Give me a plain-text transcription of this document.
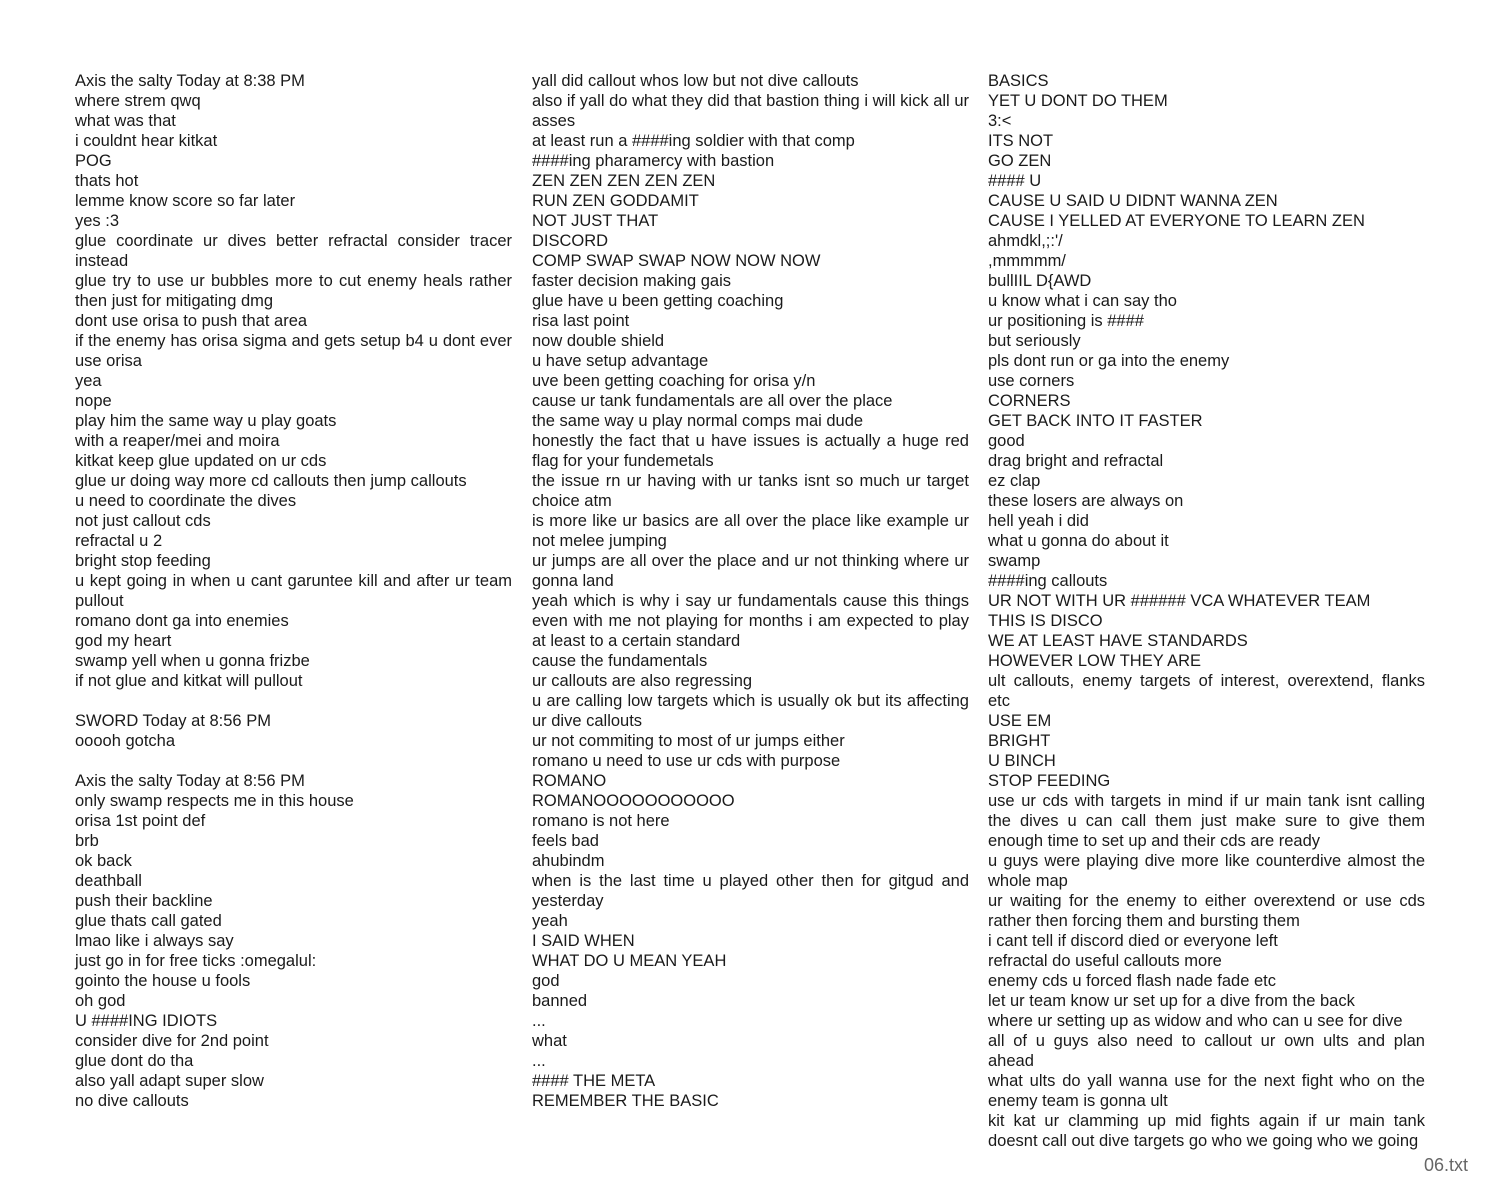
Axis the salty Today at 8:38 PM

where strem qwq

what was that

i couldnt hear kitkat

POG

thats hot

lemme know score so far later

yes :3

glue coordinate ur dives better refractal consider tracer instead

glue try to use ur bubbles more to cut enemy heals rather then just for mitigating dmg

dont use orisa to push that area

if the enemy has orisa sigma and gets setup b4 u dont ever use orisa

yea

nope

play him the same way u play goats

with a reaper/mei and moira

kitkat keep glue updated on ur cds

glue ur doing way more cd callouts then jump callouts

u need to coordinate the dives

not just callout cds

refractal u 2

bright stop feeding

u kept going in when u cant garuntee kill and after ur team pullout

romano dont ga into enemies

god my heart

swamp yell when u gonna frizbe

if not glue and kitkat will pullout

SWORD Today at 8:56 PM

ooooh gotcha

Axis the salty Today at 8:56 PM

only swamp respects me in this house

orisa 1st point def

brb

ok back

deathball

push their backline

glue thats call gated

lmao like i always say

just go in for free ticks :omegalul:

gointo the house u fools

oh god

U ####ING IDIOTS

consider dive for 2nd point

glue dont do tha

also yall adapt super slow

no dive callouts

yall did callout whos low but not dive callouts

also if yall do what they did that bastion thing i will kick all ur asses

at least run a ####ing soldier with that comp

####ing pharamercy with bastion

ZEN ZEN ZEN ZEN ZEN

RUN ZEN GODDAMIT

NOT JUST THAT

DISCORD

COMP SWAP SWAP NOW NOW NOW

faster decision making gais

glue have u been getting coaching

risa last point

now double shield

u have setup advantage

uve been getting coaching for orisa y/n

cause ur tank fundamentals are all over the place

the same way u play normal comps mai dude

honestly the fact that u have issues is actually a huge red flag for your fundemetals

the issue rn ur having with ur tanks isnt so much ur target choice atm

is more like ur basics are all over the place like example ur not melee jumping

ur jumps are all over the place and ur not thinking where ur gonna land

yeah which is why i say ur fundamentals cause this things even with me not playing for months i am expected to play at least to a certain standard

cause the fundamentals

ur callouts are also regressing

u are calling low targets which is usually ok but its affecting ur dive callouts

ur not commiting to most of ur jumps either

romano u need to use ur cds with purpose

ROMANO

ROMANOOOOOOOOOOO

romano is not here

feels bad

ahubindm

when is the last time u played other then for gitgud and yesterday

yeah

I SAID WHEN

WHAT DO U MEAN YEAH

god

banned

...

what

...

#### THE META

REMEMBER THE BASIC

BASICS

YET U DONT DO THEM

3:<

ITS NOT

GO ZEN

#### U

CAUSE U SAID U DIDNT WANNA ZEN

CAUSE I YELLED AT EVERYONE TO LEARN ZEN

ahmdkl,;:'/

,mmmmm/

bullIIL D{AWD

u know what i can say tho

ur positioning is ####

but seriously

pls dont run or ga into the enemy

use corners

CORNERS

GET BACK INTO IT FASTER

good

drag bright and refractal

ez clap

these losers are always on

hell yeah i did

what u gonna do about it

swamp

####ing callouts

UR NOT WITH UR ###### VCA WHATEVER TEAM

THIS IS DISCO

WE AT LEAST HAVE STANDARDS

HOWEVER LOW THEY ARE

ult callouts, enemy targets of interest, overextend, flanks etc

USE EM

BRIGHT

U BINCH

STOP FEEDING

use ur cds with targets in mind if ur main tank isnt calling the dives u can call them just make sure to give them enough time to set up and their cds are ready

u guys were playing dive more like counterdive almost the whole map

ur waiting for the enemy to either overextend or use cds rather then forcing them and bursting them

i cant tell if discord died or everyone left

refractal do useful callouts more

enemy cds u forced flash nade fade etc

let ur team know ur set up for a dive from the back

where ur setting up as widow and who can u see for dive

all of u guys also need to callout ur own ults and plan ahead

what ults do yall wanna use for the next fight who on the enemy team is gonna ult

kit kat ur clamming up mid fights again if ur main tank doesnt call out dive targets go who we going who we going

06.txt
